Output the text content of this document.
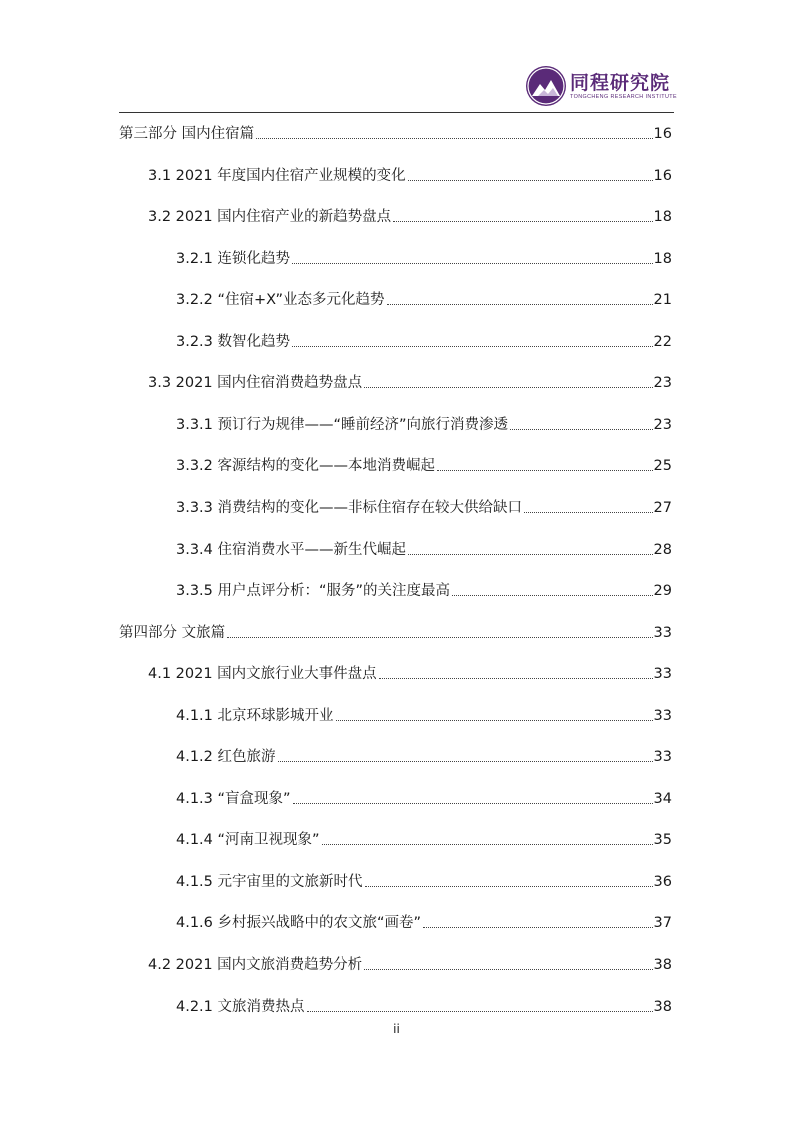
同程研究院
TONGCHENG RESEARCH INSTITUTE
第三部分 国内住宿篇	16
3.1 2021 年度国内住宿产业规模的变化	16
3.2 2021 国内住宿产业的新趋势盘点	18
3.2.1 连锁化趋势	18
3.2.2 “住宿+X”业态多元化趋势	21
3.2.3 数智化趋势	22
3.3 2021 国内住宿消费趋势盘点	23
3.3.1 预订行为规律——“睡前经济”向旅行消费渗透	23
3.3.2 客源结构的变化——本地消费崛起	25
3.3.3 消费结构的变化——非标住宿存在较大供给缺口	27
3.3.4 住宿消费水平——新生代崛起	28
3.3.5 用户点评分析：“服务”的关注度最高	29
第四部分 文旅篇	33
4.1 2021 国内文旅行业大事件盘点	33
4.1.1 北京环球影城开业	33
4.1.2 红色旅游	33
4.1.3 “盲盒现象”	34
4.1.4 “河南卫视现象”	35
4.1.5 元宇宙里的文旅新时代	36
4.1.6 乡村振兴战略中的农文旅“画卷”	37
4.2 2021 国内文旅消费趋势分析	38
4.2.1 文旅消费热点	38
ii
